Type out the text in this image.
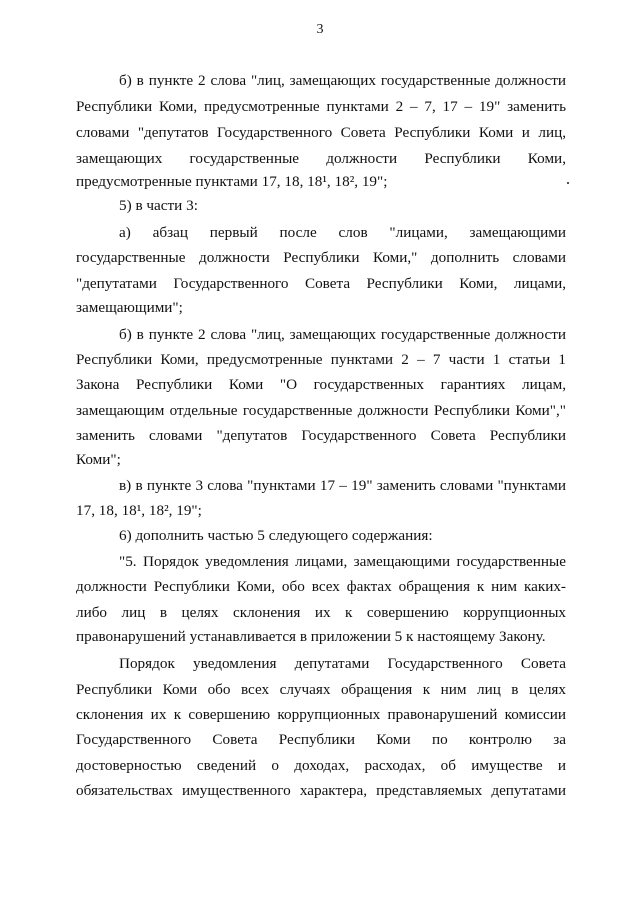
3
б) в пункте 2 слова "лиц, замещающих государственные должности
Республики Коми, предусмотренные пунктами 2 – 7, 17 – 19" заменить
словами "депутатов Государственного Совета Республики Коми и лиц,
замещающих государственные должности Республики Коми,
предусмотренные пунктами 17, 18, 18¹, 18², 19";
5) в части 3:
а) абзац первый после слов "лицами, замещающими
государственные должности Республики Коми," дополнить словами
"депутатами Государственного Совета Республики Коми, лицами,
замещающими";
б) в пункте 2 слова "лиц, замещающих государственные должности
Республики Коми, предусмотренные пунктами 2 – 7 части 1 статьи 1
Закона Республики Коми "О государственных гарантиях лицам,
замещающим отдельные государственные должности Республики Коми","
заменить словами "депутатов Государственного Совета Республики
Коми";
в) в пункте 3 слова "пунктами 17 – 19" заменить словами "пунктами
17, 18, 18¹, 18², 19";
6) дополнить частью 5 следующего содержания:
"5. Порядок уведомления лицами, замещающими государственные
должности Республики Коми, обо всех фактах обращения к ним каких-
либо лиц в целях склонения их к совершению коррупционных
правонарушений устанавливается в приложении 5 к настоящему Закону.
Порядок уведомления депутатами Государственного Совета
Республики Коми обо всех случаях обращения к ним лиц в целях
склонения их к совершению коррупционных правонарушений комиссии
Государственного Совета Республики Коми по контролю за
достоверностью сведений о доходах, расходах, об имуществе и
обязательствах имущественного характера, представляемых депутатами
